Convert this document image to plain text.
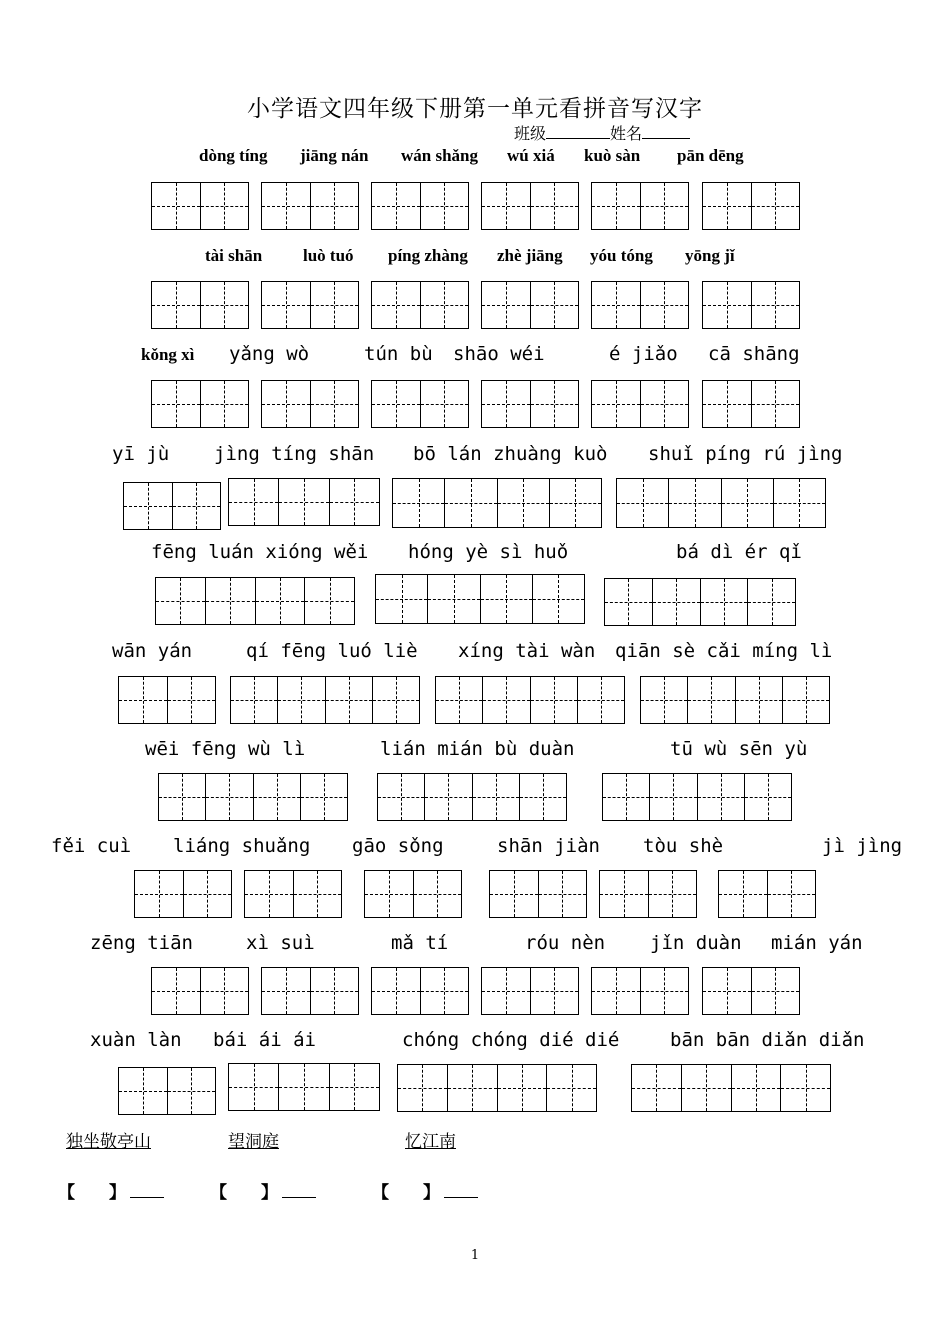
小学语文四年级下册第一单元看拼音写汉字
班级	姓名
dòng tíng jiāng nán wán shǎng wú xiá kuò sàn pān dēng
tài shān luò tuó píng zhàng zhè jiāng yóu tóng yōng jǐ
kǒng xì yǎng wò	tún bù shāo wéi	é jiǎo cā shāng
yī jù jìng tíng shān bō lán zhuàng kuò shuǐ píng rú jìng
fēng luán xióng wěi hóng yè sì huǒ	bá dì ér qǐ
wān yán	qí fēng luó liè xíng tài wàn qiān sè cǎi míng lì
wēi fēng wù lì	lián mián bù duàn	tū wù sēn yù
fěi cuì liáng shuǎng gāo sǒng	shān jiàn tòu shè	jì jìng
zēng tiān	xì suì	mǎ tí	róu nèn jǐn duàn mián yán
xuàn làn bái ái ái	chóng chóng dié dié	bān bān diǎn diǎn
独坐敬亭山	望洞庭	忆江南
【　　】	【　　】	【　　】
1
